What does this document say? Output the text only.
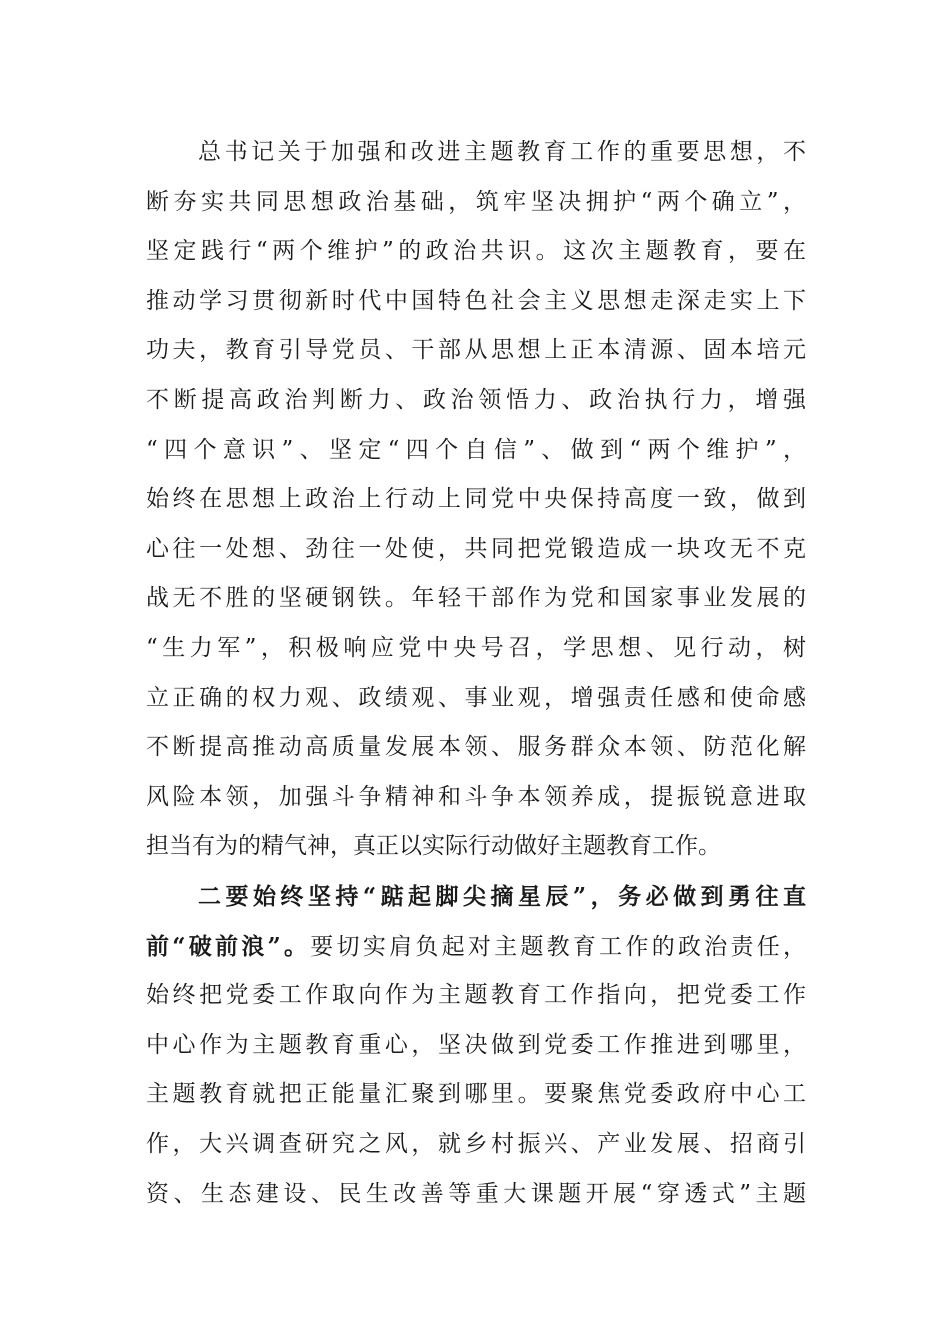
总书记关于加强和改进主题教育工作的重要思想，不
断夯实共同思想政治基础，筑牢坚决拥护“两个确立”，
坚定践行“两个维护”的政治共识。这次主题教育，要在
推动学习贯彻新时代中国特色社会主义思想走深走实上下
功夫，教育引导党员、干部从思想上正本清源、固本培元
不断提高政治判断力、政治领悟力、政治执行力，增强
“四个意识”、坚定“四个自信”、做到“两个维护”，
始终在思想上政治上行动上同党中央保持高度一致，做到
心往一处想、劲往一处使，共同把党锻造成一块攻无不克
战无不胜的坚硬钢铁。年轻干部作为党和国家事业发展的
“生力军”，积极响应党中央号召，学思想、见行动，树
立正确的权力观、政绩观、事业观，增强责任感和使命感
不断提高推动高质量发展本领、服务群众本领、防范化解
风险本领，加强斗争精神和斗争本领养成，提振锐意进取
担当有为的精气神，真正以实际行动做好主题教育工作。
二要始终坚持“踮起脚尖摘星辰”，务必做到勇往直
前“破前浪”。要切实肩负起对主题教育工作的政治责任，
始终把党委工作取向作为主题教育工作指向，把党委工作
中心作为主题教育重心，坚决做到党委工作推进到哪里，
主题教育就把正能量汇聚到哪里。要聚焦党委政府中心工
作，大兴调查研究之风，就乡村振兴、产业发展、招商引
资、生态建设、民生改善等重大课题开展“穿透式”主题
